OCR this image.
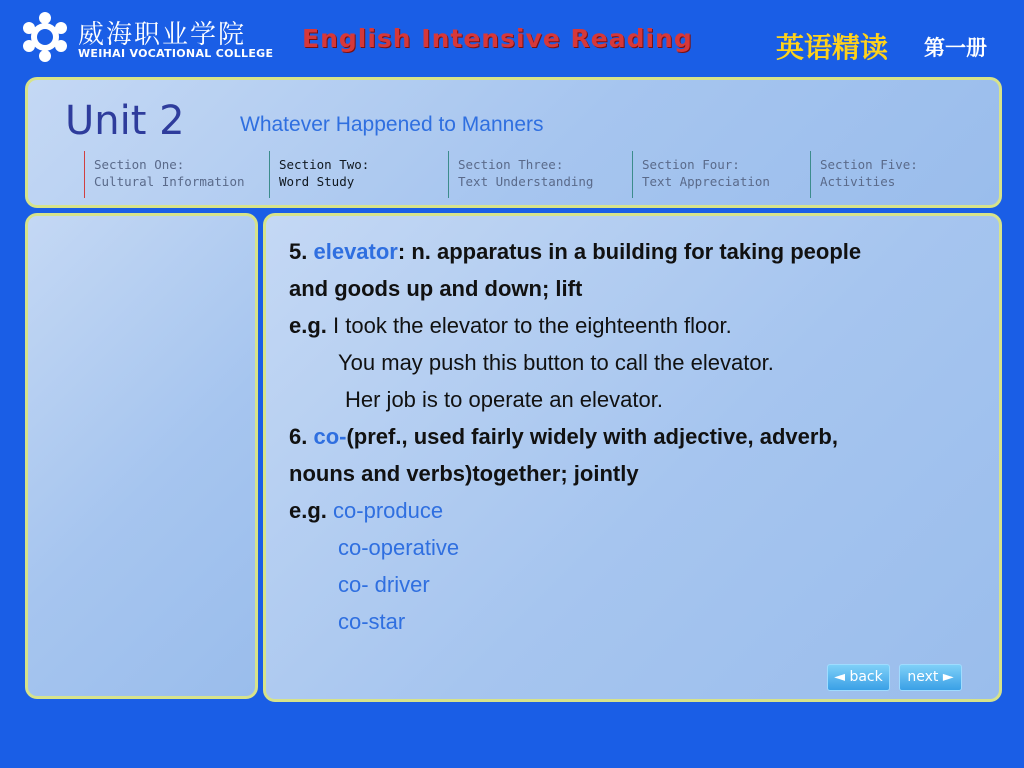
威海职业学院
WEIHAI VOCATIONAL COLLEGE
English Intensive Reading	英语精读 第一册
Unit 2	Whatever Happened to Manners
Section One:
Cultural Information
Section Two:
Word Study
Section Three:
Text Understanding
Section Four:
Text Appreciation
Section Five:
Activities
5. elevator: n. apparatus in a building for taking people
and goods up and down; lift
e.g. I took the elevator to the eighteenth floor.
You may push this button to call the elevator.
Her job is to operate an elevator.
6. co-(pref., used fairly widely with adjective, adverb,
nouns and verbs)together; jointly
e.g. co-produce
co-operative
co- driver
co-star
◄ back	next ►
